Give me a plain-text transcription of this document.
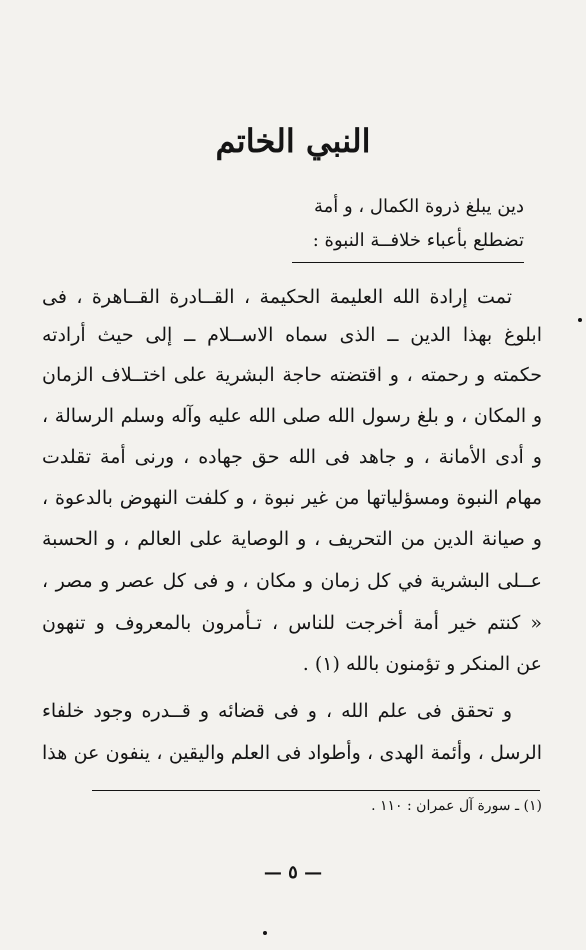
النبي الخاتم
دين يبلغ ذروة الكمال ، و أمة
تضطلع بأعباء خلافــة النبوة :
تمت إرادة الله العليمة الحكيمة ، القــادرة القــاهرة ، فى
ابلوغ بهذا الدين ــ الذى سماه الاســلام ــ إلى حيث أرادته
حكمته و رحمته ، و اقتضته حاجة البشرية على اختــلاف الزمان
و المكان ، و بلغ رسول الله صلى الله عليه وآله وسلم الرسالة ،
و أدى الأمانة ، و جاهد فى الله حق جهاده ، ورنى أمة تقلدت
مهام النبوة ومسؤلياتها من غير نبوة ، و كلفت النهوض بالدعوة ،
و صيانة الدين من التحريف ، و الوصاية على العالم ، و الحسبة
عــلى البشرية في كل زمان و مكان ، و فى كل عصر و مصر ،
« كنتم خير أمة أخرجت للناس ، تـأمرون بالمعروف و تنهون
عن المنكر و تؤمنون بالله (١) .
و تحقق فى علم الله ، و فى قضائه و قــدره وجود خلفاء
الرسل ، وأئمة الهدى ، وأطواد فى العلم واليقين ، ينفون عن هذا
(١) ـ سورة آل عمران : ١١٠ .
— ٥ —
